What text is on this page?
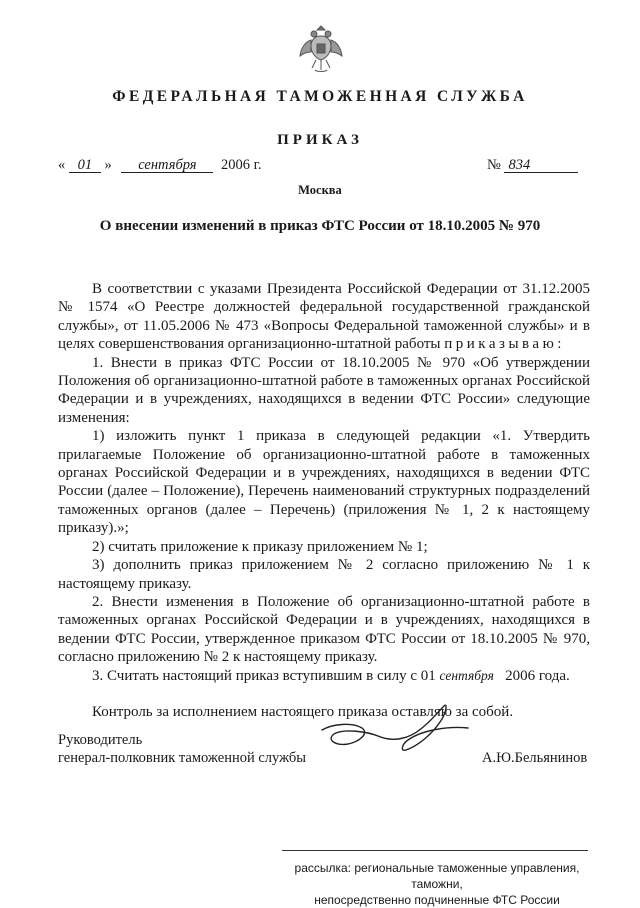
ФЕДЕРАЛЬНАЯ ТАМОЖЕННАЯ СЛУЖБА
ПРИКАЗ
« 01 » сентября 2006 г.	№ 834
Москва
О внесении изменений в приказ ФТС России от 18.10.2005 № 970

В соответствии с указами Президента Российской Федерации от 31.12.2005 № 1574 «О Реестре должностей федеральной государственной гражданской службы», от 11.05.2006 № 473 «Вопросы Федеральной таможенной службы» и в целях совершенствования организационно-штатной работы приказываю:

1. Внести в приказ ФТС России от 18.10.2005 № 970 «Об утверждении Положения об организационно-штатной работе в таможенных органах Российской Федерации и в учреждениях, находящихся в ведении ФТС России» следующие изменения:

1) изложить пункт 1 приказа в следующей редакции «1. Утвердить прилагаемые Положение об организационно-штатной работе в таможенных органах Российской Федерации и в учреждениях, находящихся в ведении ФТС России (далее – Положение), Перечень наименований структурных подразделений таможенных органов (далее – Перечень) (приложения № 1, 2 к настоящему приказу).»;

2) считать приложение к приказу приложением № 1;

3) дополнить приказ приложением № 2 согласно приложению № 1 к настоящему приказу.

2. Внести изменения в Положение об организационно-штатной работе в таможенных органах Российской Федерации и в учреждениях, находящихся в ведении ФТС России, утвержденное приказом ФТС России от 18.10.2005 № 970, согласно приложению № 2 к настоящему приказу.

3. Считать настоящий приказ вступившим в силу с 01 сентября 2006 года.

Контроль за исполнением настоящего приказа оставляю за собой.

Руководитель
генерал-полковник таможенной службы	А.Ю.Бельянинов
рассылка: региональные таможенные управления, таможни,
непосредственно подчиненные ФТС России
